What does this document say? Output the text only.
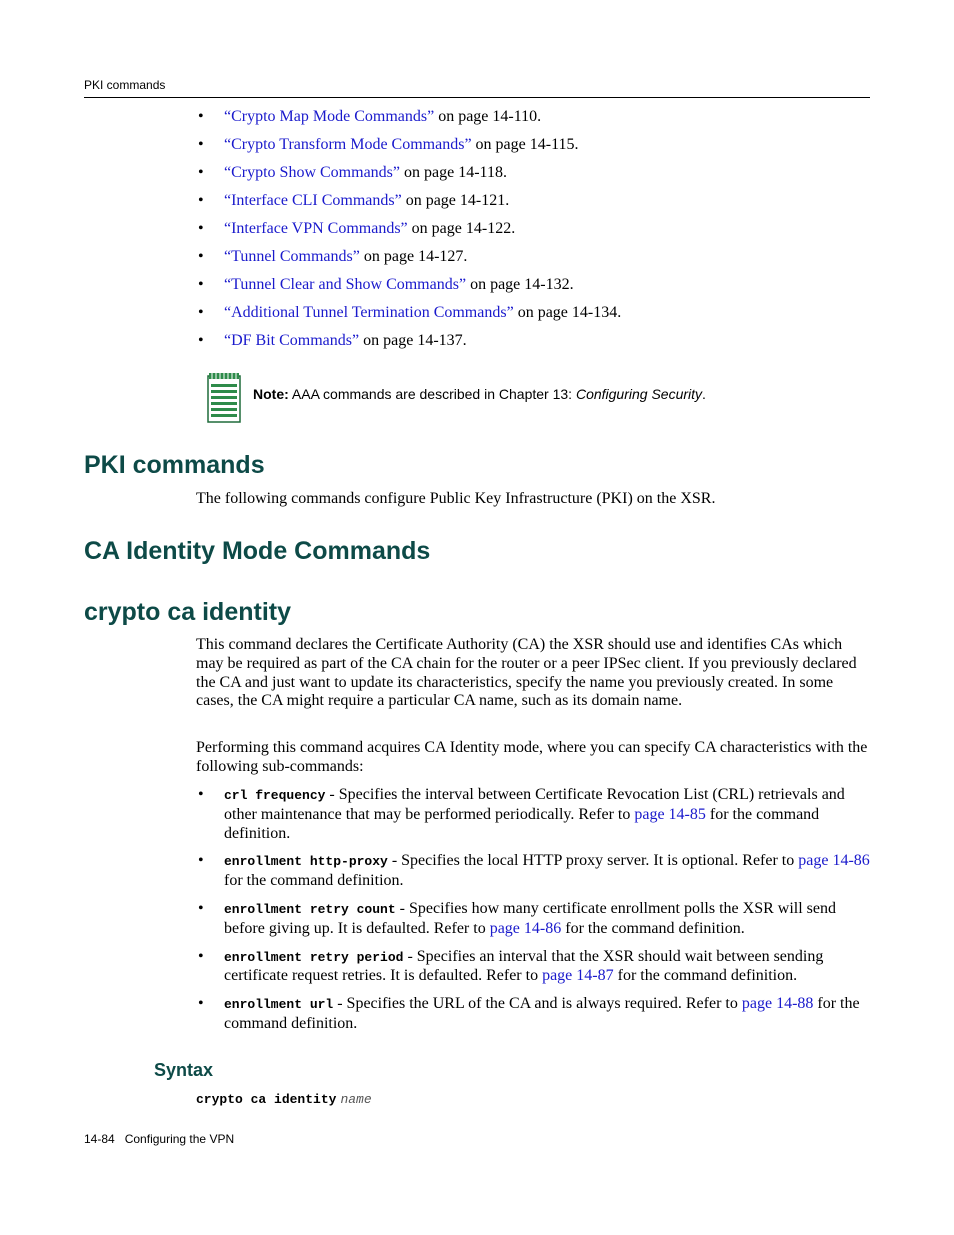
PKI commands
• “Crypto Map Mode Commands” on page 14-110.
• “Crypto Transform Mode Commands” on page 14-115.
• “Crypto Show Commands” on page 14-118.
• “Interface CLI Commands” on page 14-121.
• “Interface VPN Commands” on page 14-122.
• “Tunnel Commands” on page 14-127.
• “Tunnel Clear and Show Commands” on page 14-132.
• “Additional Tunnel Termination Commands” on page 14-134.
• “DF Bit Commands” on page 14-137.
Note: AAA commands are described in Chapter 13: Configuring Security.
PKI commands

The following commands configure Public Key Infrastructure (PKI) on the XSR.

CA Identity Mode Commands
crypto ca identity

This command declares the Certificate Authority (CA) the XSR should use and identifies CAs which may be required as part of the CA chain for the router or a peer IPSec client. If you previously declared the CA and just want to update its characteristics, specify the name you previously created. In some cases, the CA might require a particular CA name, such as its domain name.

Performing this command acquires CA Identity mode, where you can specify CA characteristics with the following sub-commands:

• crl frequency - Specifies the interval between Certificate Revocation List (CRL) retrievals and other maintenance that may be performed periodically. Refer to page 14-85 for the command definition.
• enrollment http-proxy - Specifies the local HTTP proxy server. It is optional. Refer to page 14-86 for the command definition.
• enrollment retry count - Specifies how many certificate enrollment polls the XSR will send before giving up. It is defaulted. Refer to page 14-86 for the command definition.
• enrollment retry period - Specifies an interval that the XSR should wait between sending certificate request retries. It is defaulted. Refer to page 14-87 for the command definition.
• enrollment url - Specifies the URL of the CA and is always required. Refer to page 14-88 for the command definition.
Syntax
crypto ca identity name
14-84 Configuring the VPN
